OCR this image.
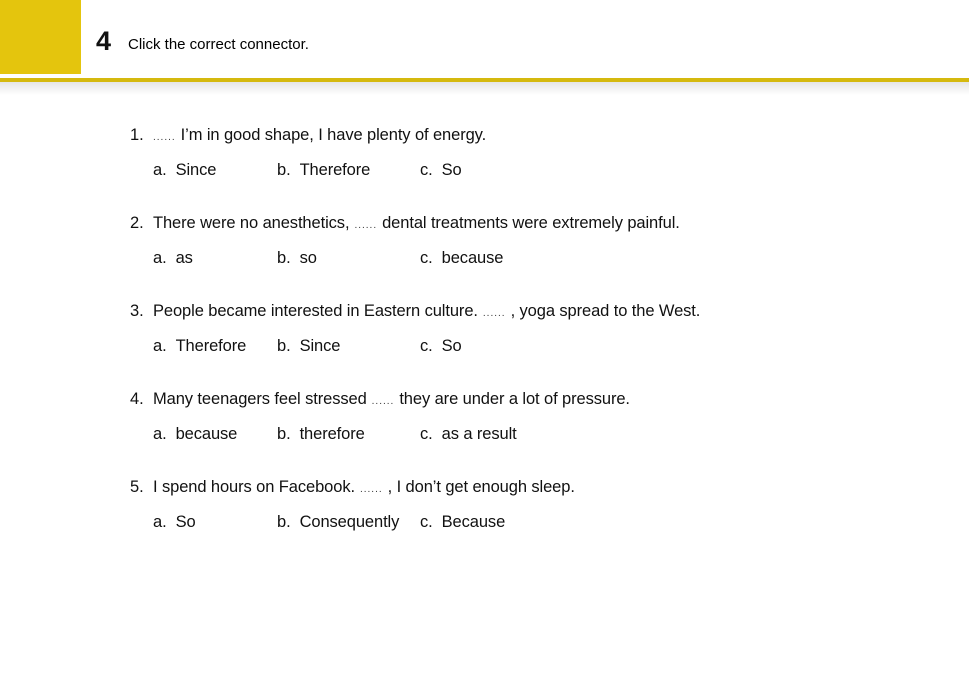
4 Click the correct connector.
1. ...... I’m in good shape, I have plenty of energy.
a. Since	b. Therefore	c. So
2. There were no anesthetics, ...... dental treatments were extremely painful.
a. as	b. so	c. because
3. People became interested in Eastern culture. ...... , yoga spread to the West.
a. Therefore b. Since	c. So
4. Many teenagers feel stressed ...... they are under a lot of pressure.
a. because b. therefore	c. as a result
5. I spend hours on Facebook. ...... , I don’t get enough sleep.
a. So	b. Consequently c. Because
